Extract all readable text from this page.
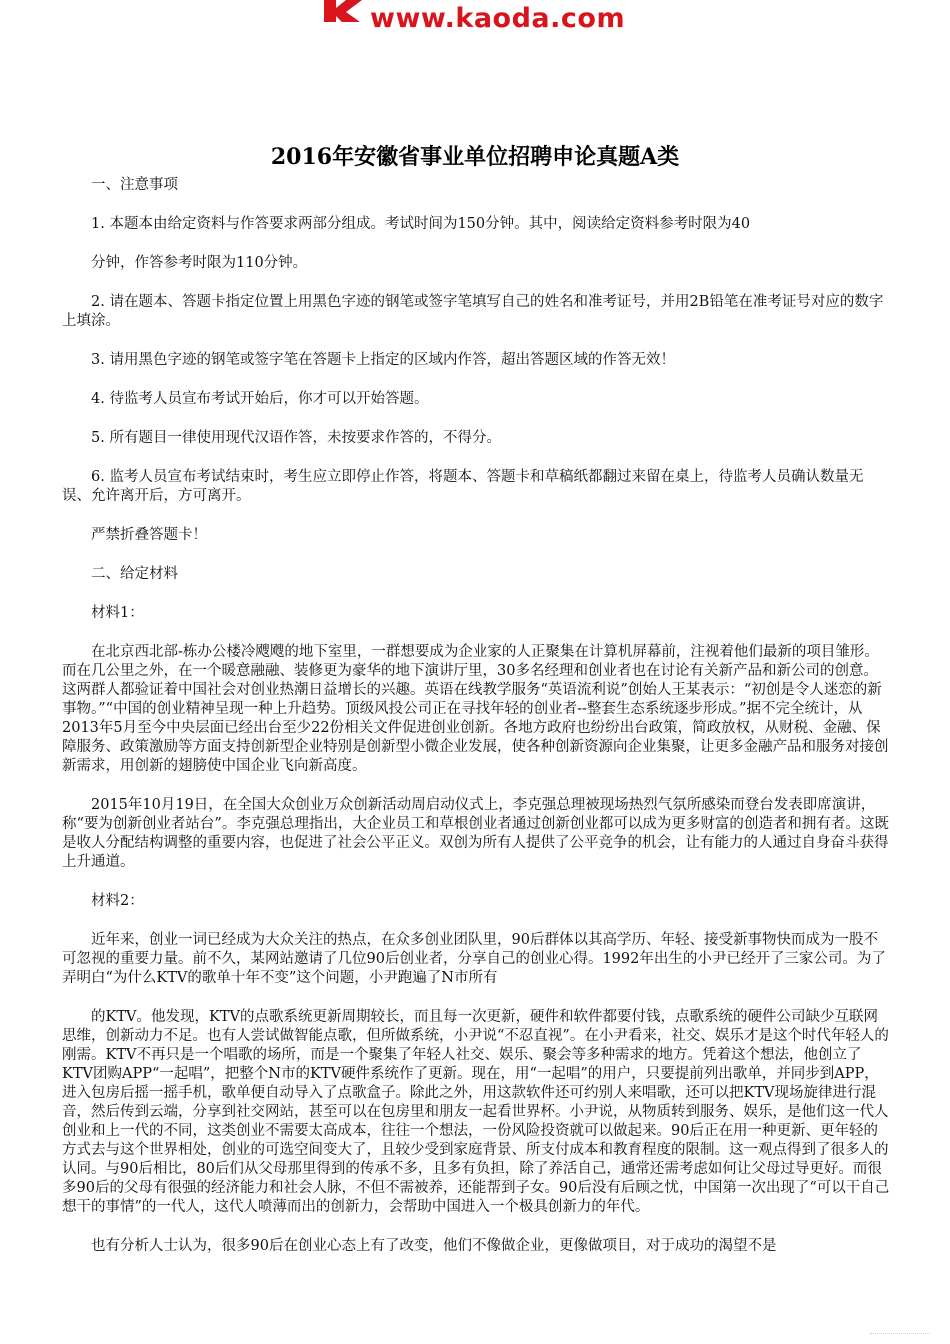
www.kaoda.com
2016年安徽省事业单位招聘申论真题A类

一、注意事项

1. 本题本由给定资料与作答要求两部分组成。考试时间为150分钟。其中，阅读给定资料参考时限为40

分钟，作答参考时限为110分钟。

2. 请在题本、答题卡指定位置上用黑色字迹的钢笔或签字笔填写自己的姓名和准考证号，并用2B铅笔在准考证号对应的数字上填涂。

3. 请用黑色字迹的钢笔或签字笔在答题卡上指定的区域内作答，超出答题区域的作答无效！

4. 待监考人员宣布考试开始后，你才可以开始答题。

5. 所有题目一律使用现代汉语作答，未按要求作答的，不得分。

6. 监考人员宣布考试结束时，考生应立即停止作答，将题本、答题卡和草稿纸都翻过来留在桌上，待监考人员确认数量无误、允许离开后，方可离开。

严禁折叠答题卡！

二、给定材料

材料1：

在北京西北部-栋办公楼冷飕飕的地下室里，一群想要成为企业家的人正聚集在计算机屏幕前，注视着他们最新的项目雏形。而在几公里之外，在一个暖意融融、装修更为豪华的地下演讲厅里，30多名经理和创业者也在讨论有关新产品和新公司的创意。这两群人都验证着中国社会对创业热潮日益增长的兴趣。英语在线教学服务“英语流利说”创始人王某表示：“初创是令人迷恋的新事物。”“中国的创业精神呈现一种上升趋势。顶级风投公司正在寻找年轻的创业者--整套生态系统逐步形成。”据不完全统计，从2013年5月至今中央层面已经出台至少22份相关文件促进创业创新。各地方政府也纷纷出台政策，简政放权，从财税、金融、保障服务、政策激励等方面支持创新型企业特别是创新型小微企业发展，使各种创新资源向企业集聚，让更多金融产品和服务对接创新需求，用创新的翅膀使中国企业飞向新高度。

2015年10月19日，在全国大众创业万众创新活动周启动仪式上，李克强总理被现场热烈气氛所感染而登台发表即席演讲，称“要为创新创业者站台”。李克强总理指出，大企业员工和草根创业者通过创新创业都可以成为更多财富的创造者和拥有者。这既是收人分配结构调整的重要内容，也促进了社会公平正义。双创为所有人提供了公平竞争的机会，让有能力的人通过自身奋斗获得上升通道。

材料2：

近年来，创业一词已经成为大众关注的热点，在众多创业团队里，90后群体以其高学历、年轻、接受新事物快而成为一股不可忽视的重要力量。前不久，某网站邀请了几位90后创业者，分享自己的创业心得。1992年出生的小尹已经开了三家公司。为了弄明白“为什么KTV的歌单十年不变”这个问题，小尹跑遍了N市所有

的KTV。他发现，KTV的点歌系统更新周期较长，而且每一次更新，硬件和软件都要付钱，点歌系统的硬件公司缺少互联网思维，创新动力不足。也有人尝试做智能点歌，但所做系统，小尹说“不忍直视”。在小尹看来，社交、娱乐才是这个时代年轻人的刚需。KTV不再只是一个唱歌的场所，而是一个聚集了年轻人社交、娱乐、聚会等多种需求的地方。凭着这个想法，他创立了KTV团购APP“一起唱”，把整个N市的KTV硬件系统作了更新。现在，用“一起唱”的用户，只要提前列出歌单，并同步到APP，进入包房后摇一摇手机，歌单便自动导入了点歌盒子。除此之外，用这款软件还可约别人来唱歌，还可以把KTV现场旋律进行混音，然后传到云端，分享到社交网站，甚至可以在包房里和朋友一起看世界杯。小尹说，从物质转到服务、娱乐，是他们这一代人创业和上一代的不同，这类创业不需要太高成本，往往一个想法，一份风险投资就可以做起来。90后正在用一种更新、更年轻的方式去与这个世界相处，创业的可选空间变大了，且较少受到家庭背景、所支付成本和教育程度的限制。这一观点得到了很多人的认同。与90后相比，80后们从父母那里得到的传承不多，且多有负担，除了养活自己，通常还需考虑如何让父母过导更好。而很多90后的父母有很强的经济能力和社会人脉，不但不需被养，还能帮到子女。90后没有后顾之忧，中国第一次出现了“可以干自己想干的事情”的一代人，这代人喷薄而出的创新力，会帮助中国进入一个极具创新力的年代。

也有分析人士认为，很多90后在创业心态上有了改变，他们不像做企业，更像做项目，对于成功的渴望不是
